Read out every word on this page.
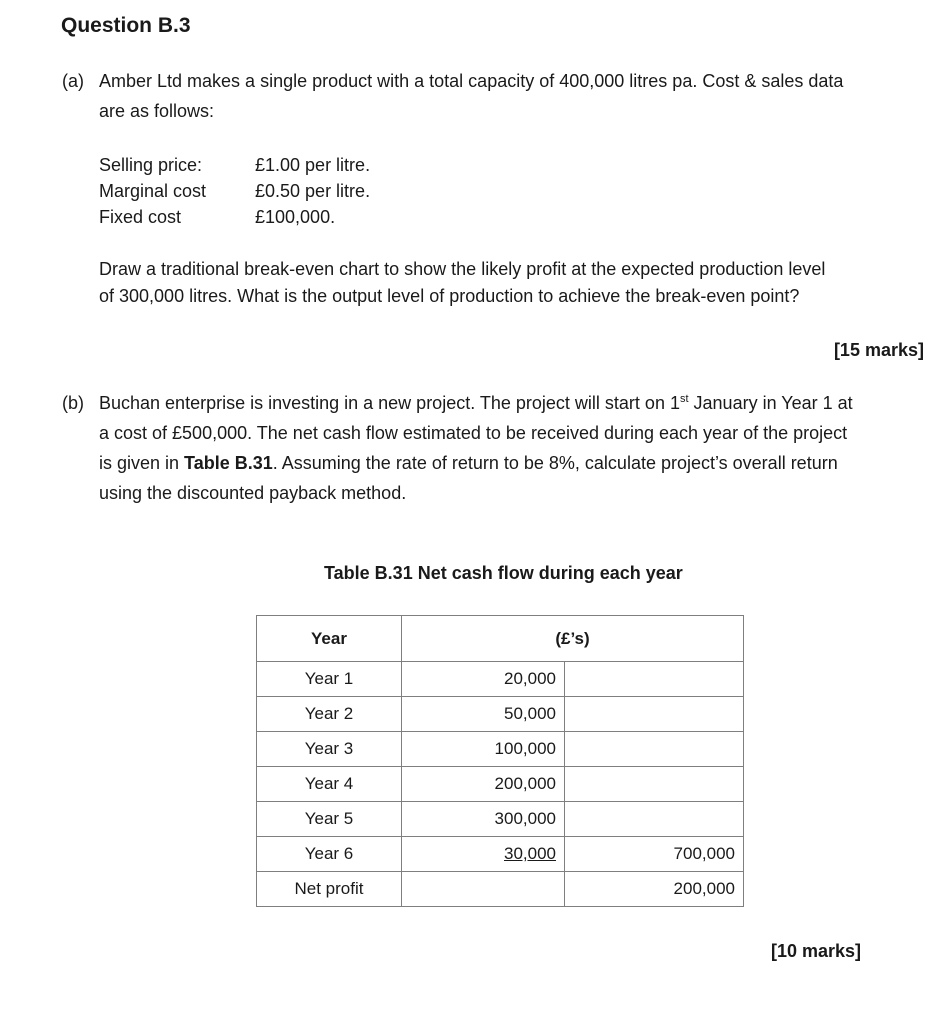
Question B.3
(a) Amber Ltd makes a single product with a total capacity of 400,000 litres pa. Cost & sales data
are as follows:
Selling price:	£1.00 per litre.
Marginal cost	£0.50 per litre.
Fixed cost	£100,000.
Draw a traditional break-even chart to show the likely profit at the expected production level
of 300,000 litres. What is the output level of production to achieve the break-even point?
[15 marks]
(b) Buchan enterprise is investing in a new project. The project will start on 1st January in Year 1 at
a cost of £500,000. The net cash flow estimated to be received during each year of the project
is given in Table B.31. Assuming the rate of return to be 8%, calculate project’s overall return
using the discounted payback method.
Table B.31 Net cash flow during each year
Year	(£’s)	
Year 1	20,000	
Year 2	50,000	
Year 3	100,000	
Year 4	200,000	
Year 5	300,000	
Year 6	30,000	700,000
Net profit		200,000
[10 marks]
